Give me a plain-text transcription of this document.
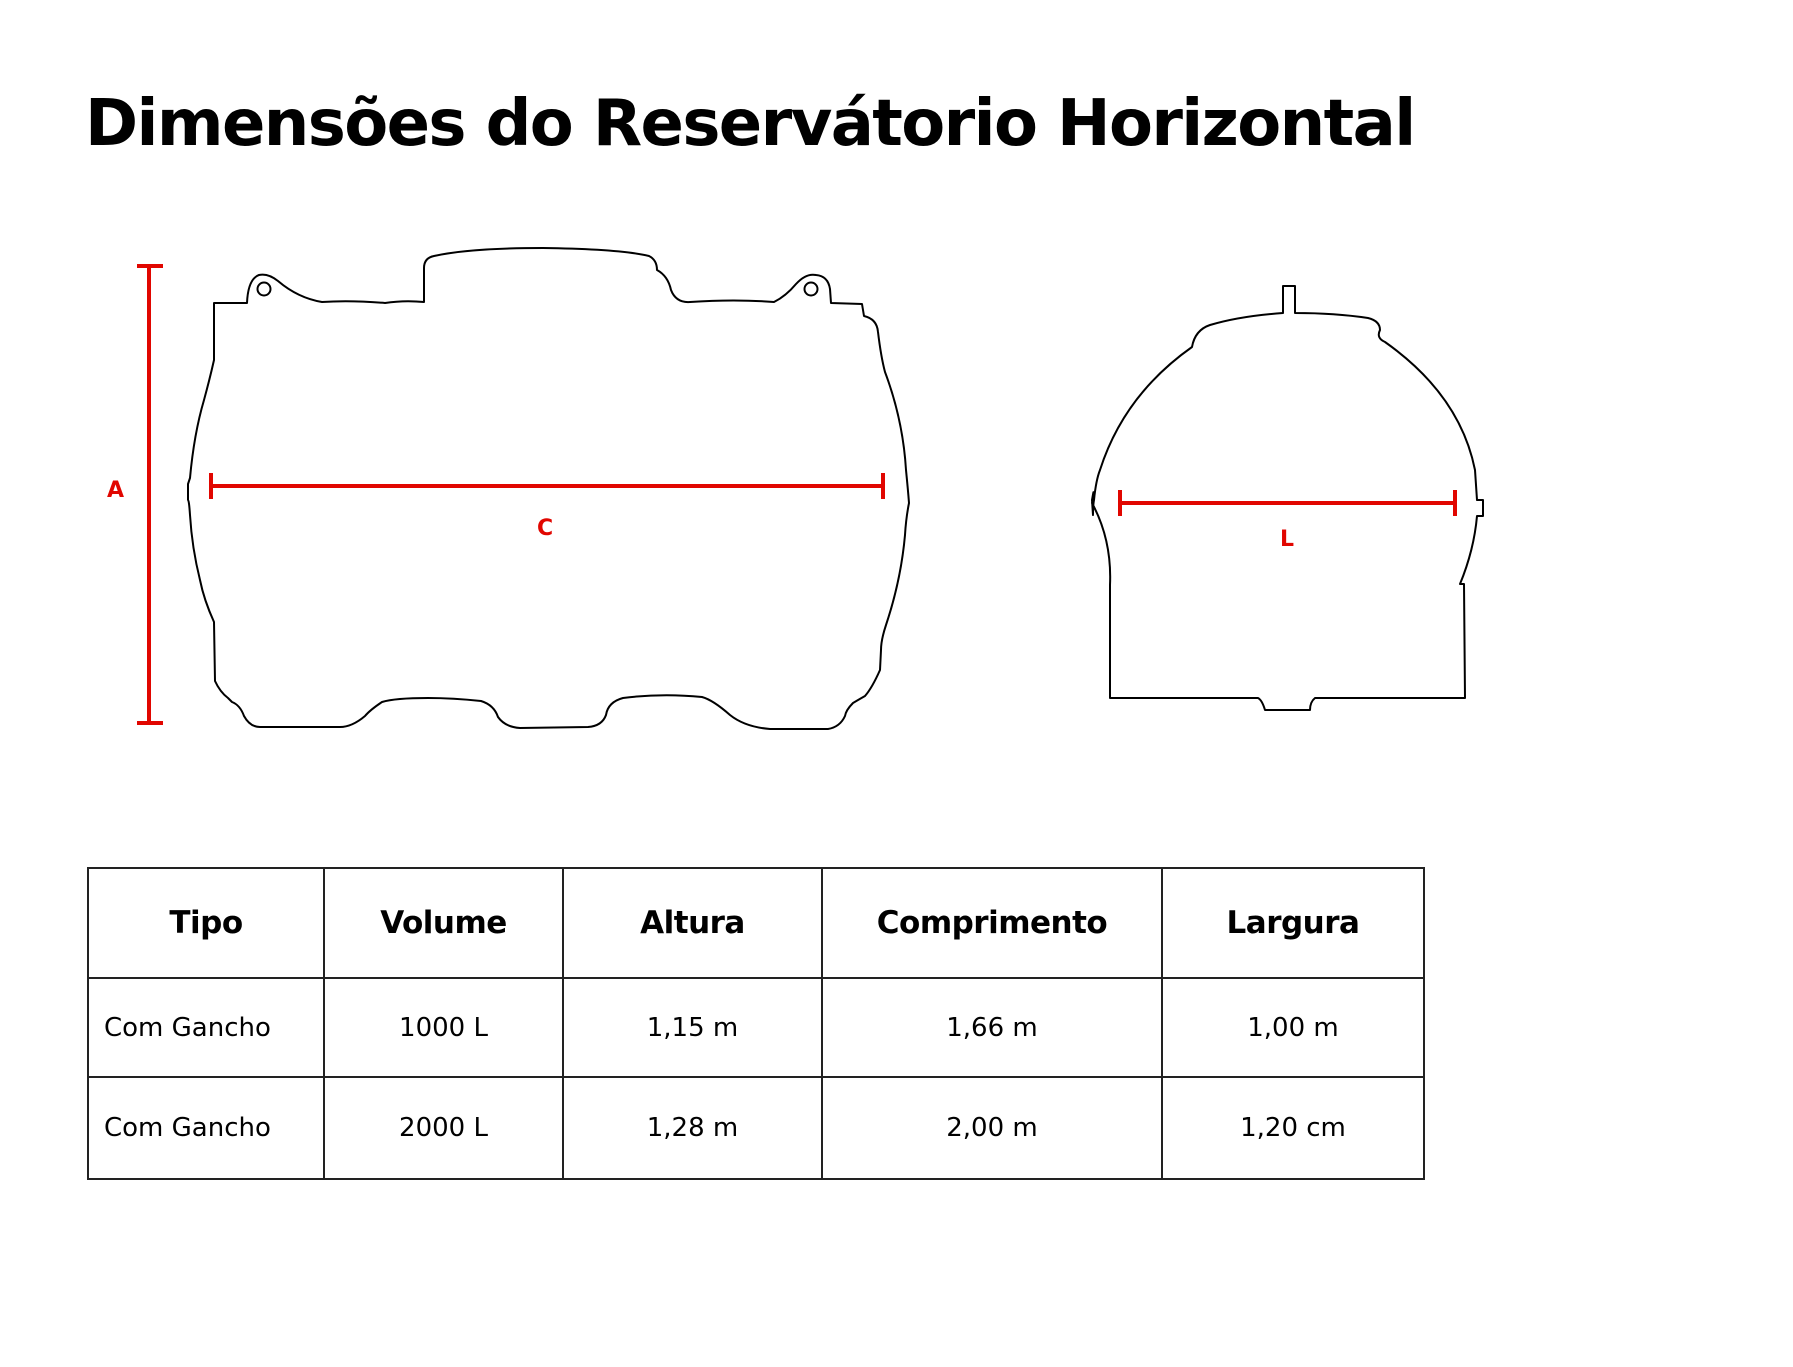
Dimensões do Reservátorio Horizontal
A
C	L
Tipo	Volume	Altura	Comprimento	Largura
Com Gancho	1000 L	1,15 m	1,66 m	1,00 m
Com Gancho	2000 L	1,28 m	2,00 m	1,20 cm
